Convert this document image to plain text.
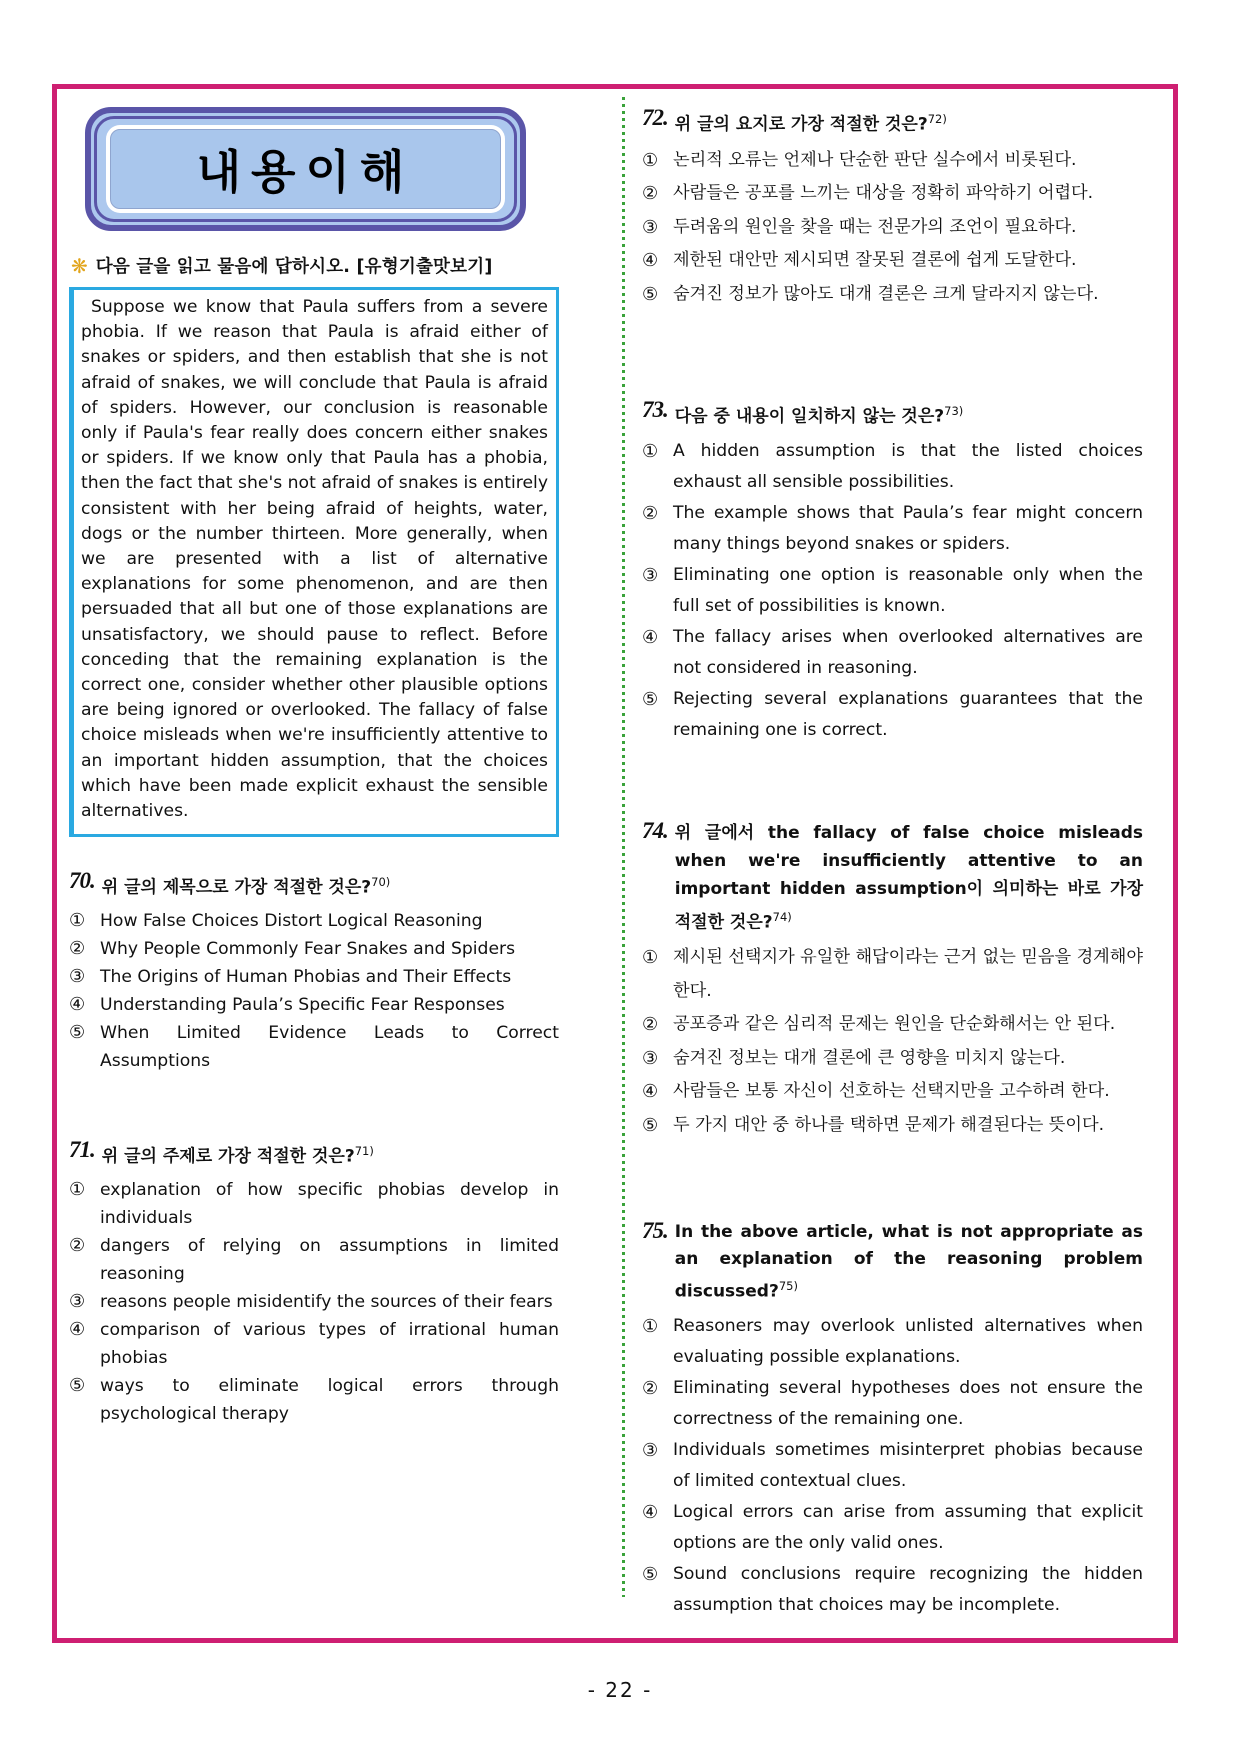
내용이해
❋ 다음 글을 읽고 물음에 답하시오. [유형기출맛보기]
Suppose we know that Paula suffers from a severe phobia. If we reason that Paula is afraid either of snakes or spiders, and then establish that she is not afraid of snakes, we will conclude that Paula is afraid of spiders. However, our conclusion is reasonable only if Paula's fear really does concern either snakes or spiders. If we know only that Paula has a phobia, then the fact that she's not afraid of snakes is entirely consistent with her being afraid of heights, water, dogs or the number thirteen. More generally, when we are presented with a list of alternative explanations for some phenomenon, and are then persuaded that all but one of those explanations are unsatisfactory, we should pause to reflect. Before conceding that the remaining explanation is the correct one, consider whether other plausible options are being ignored or overlooked. The fallacy of false choice misleads when we're insufficiently attentive to an important hidden assumption, that the choices which have been made explicit exhaust the sensible alternatives.
70. 위 글의 제목으로 가장 적절한 것은?$^{70)}$
① How False Choices Distort Logical Reasoning
② Why People Commonly Fear Snakes and Spiders
③ The Origins of Human Phobias and Their Effects
④ Understanding Paula’s Specific Fear Responses
⑤ When Limited Evidence Leads to Correct Assumptions
71. 위 글의 주제로 가장 적절한 것은?$^{71)}$
① explanation of how specific phobias develop in individuals
② dangers of relying on assumptions in limited reasoning
③ reasons people misidentify the sources of their fears
④ comparison of various types of irrational human phobias
⑤ ways to eliminate logical errors through psychological therapy
72. 위 글의 요지로 가장 적절한 것은?$^{72)}$
① 논리적 오류는 언제나 단순한 판단 실수에서 비롯된다.
② 사람들은 공포를 느끼는 대상을 정확히 파악하기 어렵다.
③ 두려움의 원인을 찾을 때는 전문가의 조언이 필요하다.
④ 제한된 대안만 제시되면 잘못된 결론에 쉽게 도달한다.
⑤ 숨겨진 정보가 많아도 대개 결론은 크게 달라지지 않는다.
73. 다음 중 내용이 일치하지 않는 것은?$^{73)}$
① A hidden assumption is that the listed choices exhaust all sensible possibilities.
② The example shows that Paula’s fear might concern many things beyond snakes or spiders.
③ Eliminating one option is reasonable only when the full set of possibilities is known.
④ The fallacy arises when overlooked alternatives are not considered in reasoning.
⑤ Rejecting several explanations guarantees that the remaining one is correct.
74. 위 글에서 the fallacy of false choice misleads when we're insufficiently attentive to an important hidden assumption이 의미하는 바로 가장 적절한 것은?$^{74)}$
① 제시된 선택지가 유일한 해답이라는 근거 없는 믿음을 경계해야 한다.
② 공포증과 같은 심리적 문제는 원인을 단순화해서는 안 된다.
③ 숨겨진 정보는 대개 결론에 큰 영향을 미치지 않는다.
④ 사람들은 보통 자신이 선호하는 선택지만을 고수하려 한다.
⑤ 두 가지 대안 중 하나를 택하면 문제가 해결된다는 뜻이다.
75. In the above article, what is not appropriate as an explanation of the reasoning problem discussed?$^{75)}$
① Reasoners may overlook unlisted alternatives when evaluating possible explanations.
② Eliminating several hypotheses does not ensure the correctness of the remaining one.
③ Individuals sometimes misinterpret phobias because of limited contextual clues.
④ Logical errors can arise from assuming that explicit options are the only valid ones.
⑤ Sound conclusions require recognizing the hidden assumption that choices may be incomplete.
- 22 -
